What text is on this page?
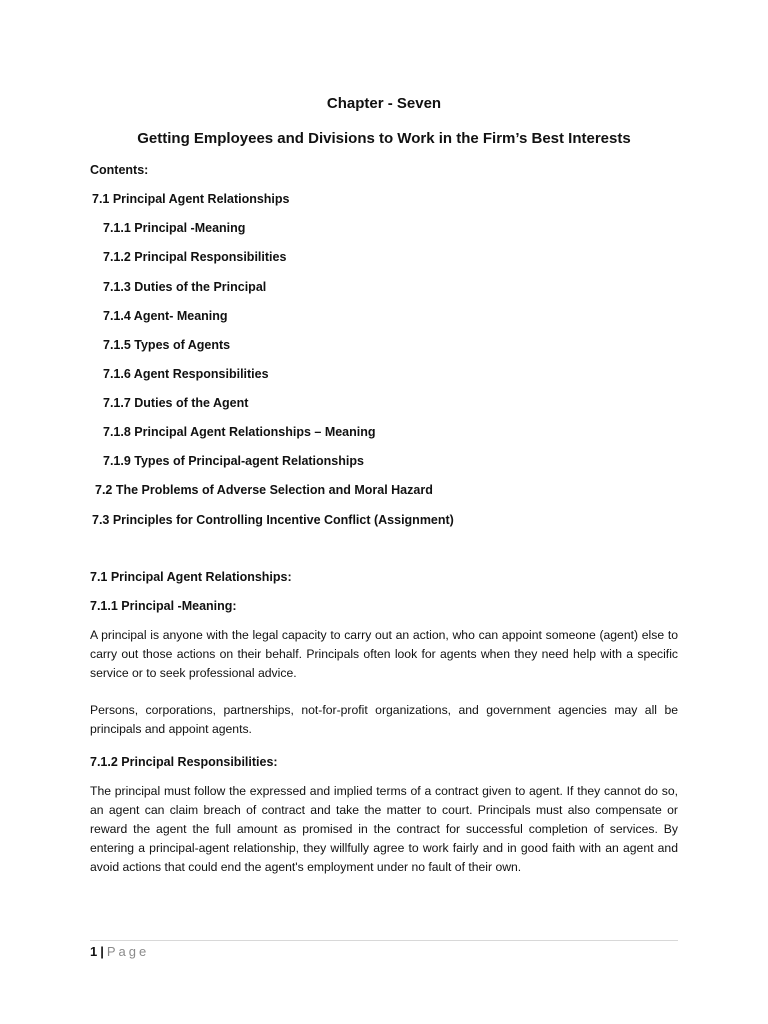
Chapter - Seven

Getting Employees and Divisions to Work in the Firm’s Best Interests

Contents:

7.1 Principal Agent Relationships
7.1.1 Principal -Meaning
7.1.2 Principal Responsibilities
7.1.3 Duties of the Principal
7.1.4 Agent- Meaning
7.1.5 Types of Agents
7.1.6 Agent Responsibilities
7.1.7 Duties of the Agent
7.1.8 Principal Agent Relationships – Meaning
7.1.9 Types of Principal-agent Relationships
7.2 The Problems of Adverse Selection and Moral Hazard
7.3 Principles for Controlling Incentive Conflict (Assignment)

7.1 Principal Agent Relationships:

7.1.1 Principal -Meaning:

A principal is anyone with the legal capacity to carry out an action, who can appoint someone (agent) else to carry out those actions on their behalf. Principals often look for agents when they need help with a specific service or to seek professional advice.

Persons, corporations, partnerships, not-for-profit organizations, and government agencies may all be principals and appoint agents.

7.1.2 Principal Responsibilities:

The principal must follow the expressed and implied terms of a contract given to agent. If they cannot do so, an agent can claim breach of contract and take the matter to court. Principals must also compensate or reward the agent the full amount as promised in the contract for successful completion of services. By entering a principal-agent relationship, they willfully agree to work fairly and in good faith with an agent and avoid actions that could end the agent's employment under no fault of their own.

1 | Page
